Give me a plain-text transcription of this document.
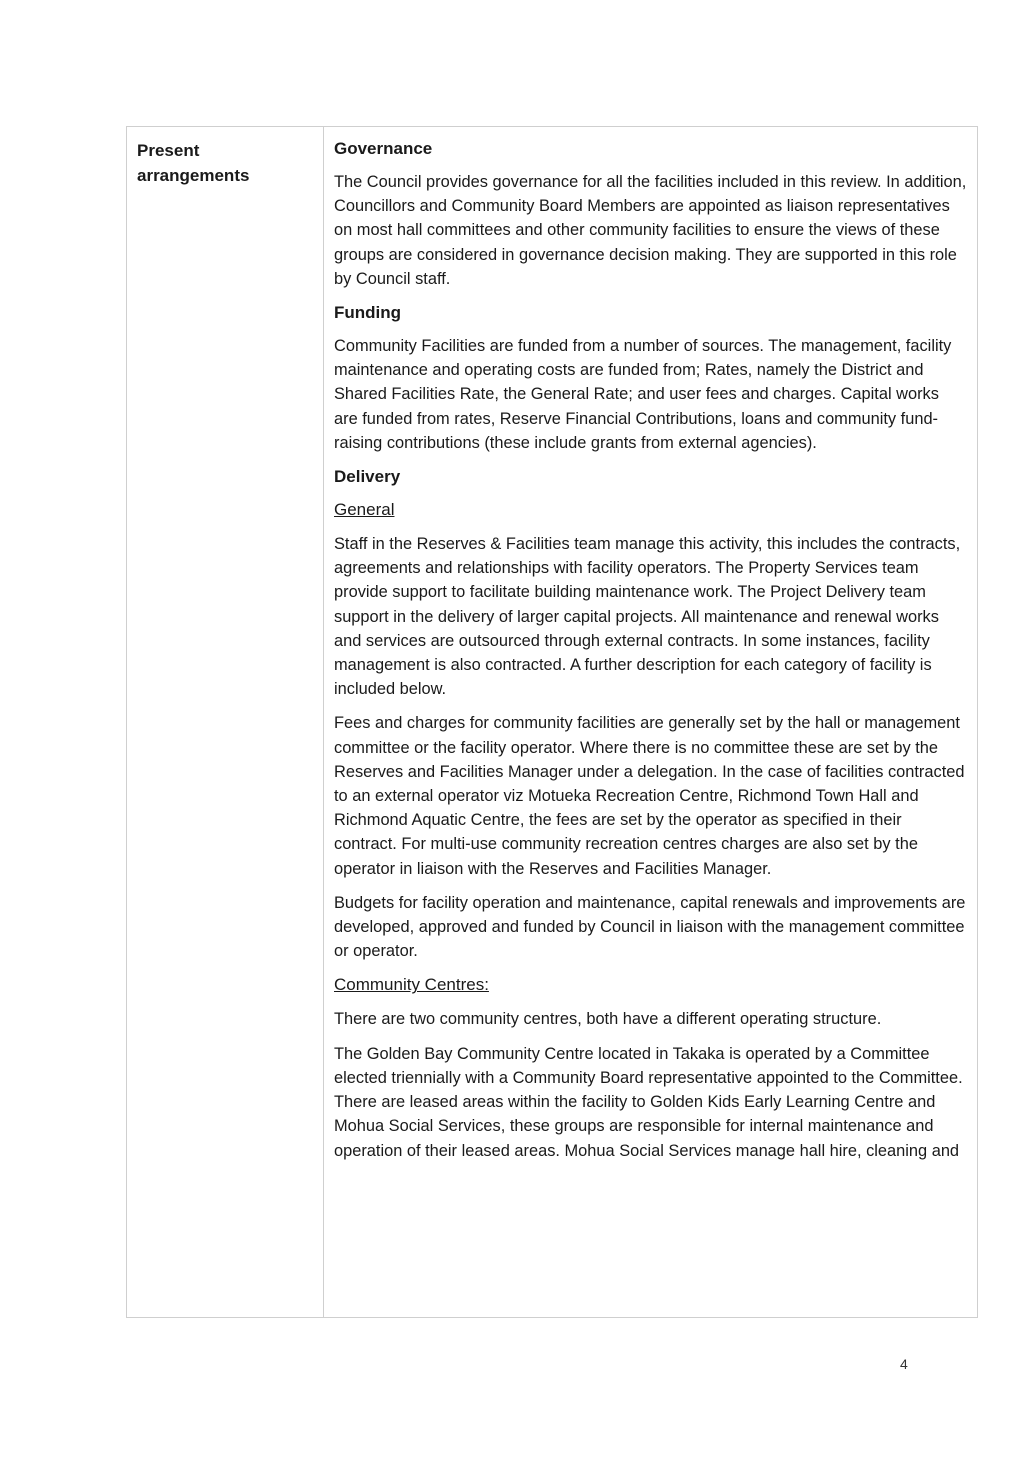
Present arrangements

Governance

The Council provides governance for all the facilities included in this review. In addition, Councillors and Community Board Members are appointed as liaison representatives on most hall committees and other community facilities to ensure the views of these groups are considered in governance decision making. They are supported in this role by Council staff.

Funding

Community Facilities are funded from a number of sources. The management, facility maintenance and operating costs are funded from; Rates, namely the District and Shared Facilities Rate, the General Rate; and user fees and charges. Capital works are funded from rates, Reserve Financial Contributions, loans and community fund-raising contributions (these include grants from external agencies).

Delivery

General

Staff in the Reserves & Facilities team manage this activity, this includes the contracts, agreements and relationships with facility operators. The Property Services team provide support to facilitate building maintenance work. The Project Delivery team support in the delivery of larger capital projects. All maintenance and renewal works and services are outsourced through external contracts. In some instances, facility management is also contracted. A further description for each category of facility is included below.

Fees and charges for community facilities are generally set by the hall or management committee or the facility operator. Where there is no committee these are set by the Reserves and Facilities Manager under a delegation. In the case of facilities contracted to an external operator viz Motueka Recreation Centre, Richmond Town Hall and Richmond Aquatic Centre, the fees are set by the operator as specified in their contract. For multi-use community recreation centres charges are also set by the operator in liaison with the Reserves and Facilities Manager.

Budgets for facility operation and maintenance, capital renewals and improvements are developed, approved and funded by Council in liaison with the management committee or operator.

Community Centres:

There are two community centres, both have a different operating structure.

The Golden Bay Community Centre located in Takaka is operated by a Committee elected triennially with a Community Board representative appointed to the Committee. There are leased areas within the facility to Golden Kids Early Learning Centre and Mohua Social Services, these groups are responsible for internal maintenance and operation of their leased areas. Mohua Social Services manage hall hire, cleaning and

4
